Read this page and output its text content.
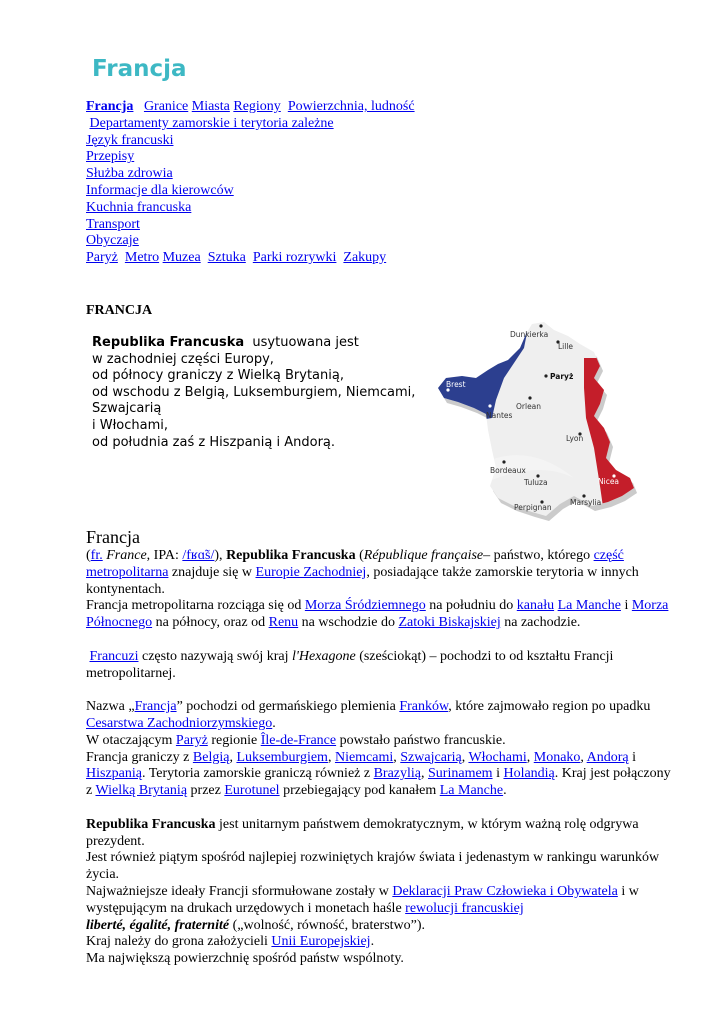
Francja
Francja Granice Miasta Regiony Powierzchnia, ludność
Departamenty zamorskie i terytoria zależne
Język francuski
Przepisy
Służba zdrowia
Informacje dla kierowców
Kuchnia francuska
Transport
Obyczaje
Paryż Metro Muzea Sztuka Parki rozrywki Zakupy
FRANCJA
Republika Francuska  usytuowana jest
w zachodniej części Europy,
od północy graniczy z Wielką Brytanią,
od wschodu z Belgią, Luksemburgiem, Niemcami,
Szwajcarią
i Włochami,
od południa zaś z Hiszpanią i Andorą.
Dunkierka
Lille
Paryż
Brest
Orlean
Nantes
Lyon
Bordeaux
Tuluza	Nicea
Marsylia
Perpignan
Francja

(fr. France, IPA: /fʁɑ̃s/), Republika Francuska (République française– państwo, którego część metropolitarna znajduje się w Europie Zachodniej, posiadające także zamorskie terytoria w innych kontynentach.

Francja metropolitarna rozciąga się od Morza Śródziemnego na południu do kanału La Manche i Morza Północnego na północy, oraz od Renu na wschodzie do Zatoki Biskajskiej na zachodzie.

Francuzi często nazywają swój kraj l'Hexagone (sześciokąt) – pochodzi to od kształtu Francji metropolitarnej.

Nazwa „Francja” pochodzi od germańskiego plemienia Franków, które zajmowało region po upadku Cesarstwa Zachodniorzymskiego.

W otaczającym Paryż regionie Île-de-France powstało państwo francuskie.

Francja graniczy z Belgią, Luksemburgiem, Niemcami, Szwajcarią, Włochami, Monako, Andorą i Hiszpanią. Terytoria zamorskie graniczą również z Brazylią, Surinamem i Holandią. Kraj jest połączony z Wielką Brytanią przez Eurotunel przebiegający pod kanałem La Manche.

Republika Francuska jest unitarnym państwem demokratycznym, w którym ważną rolę odgrywa prezydent.

Jest również piątym spośród najlepiej rozwiniętych krajów świata i jedenastym w rankingu warunków życia.

Najważniejsze ideały Francji sformułowane zostały w Deklaracji Praw Człowieka i Obywatela i w występującym na drukach urzędowych i monetach haśle rewolucji francuskiej

liberté, égalité, fraternité („wolność, równość, braterstwo”).

Kraj należy do grona założycieli Unii Europejskiej.

Ma największą powierzchnię spośród państw wspólnoty.
